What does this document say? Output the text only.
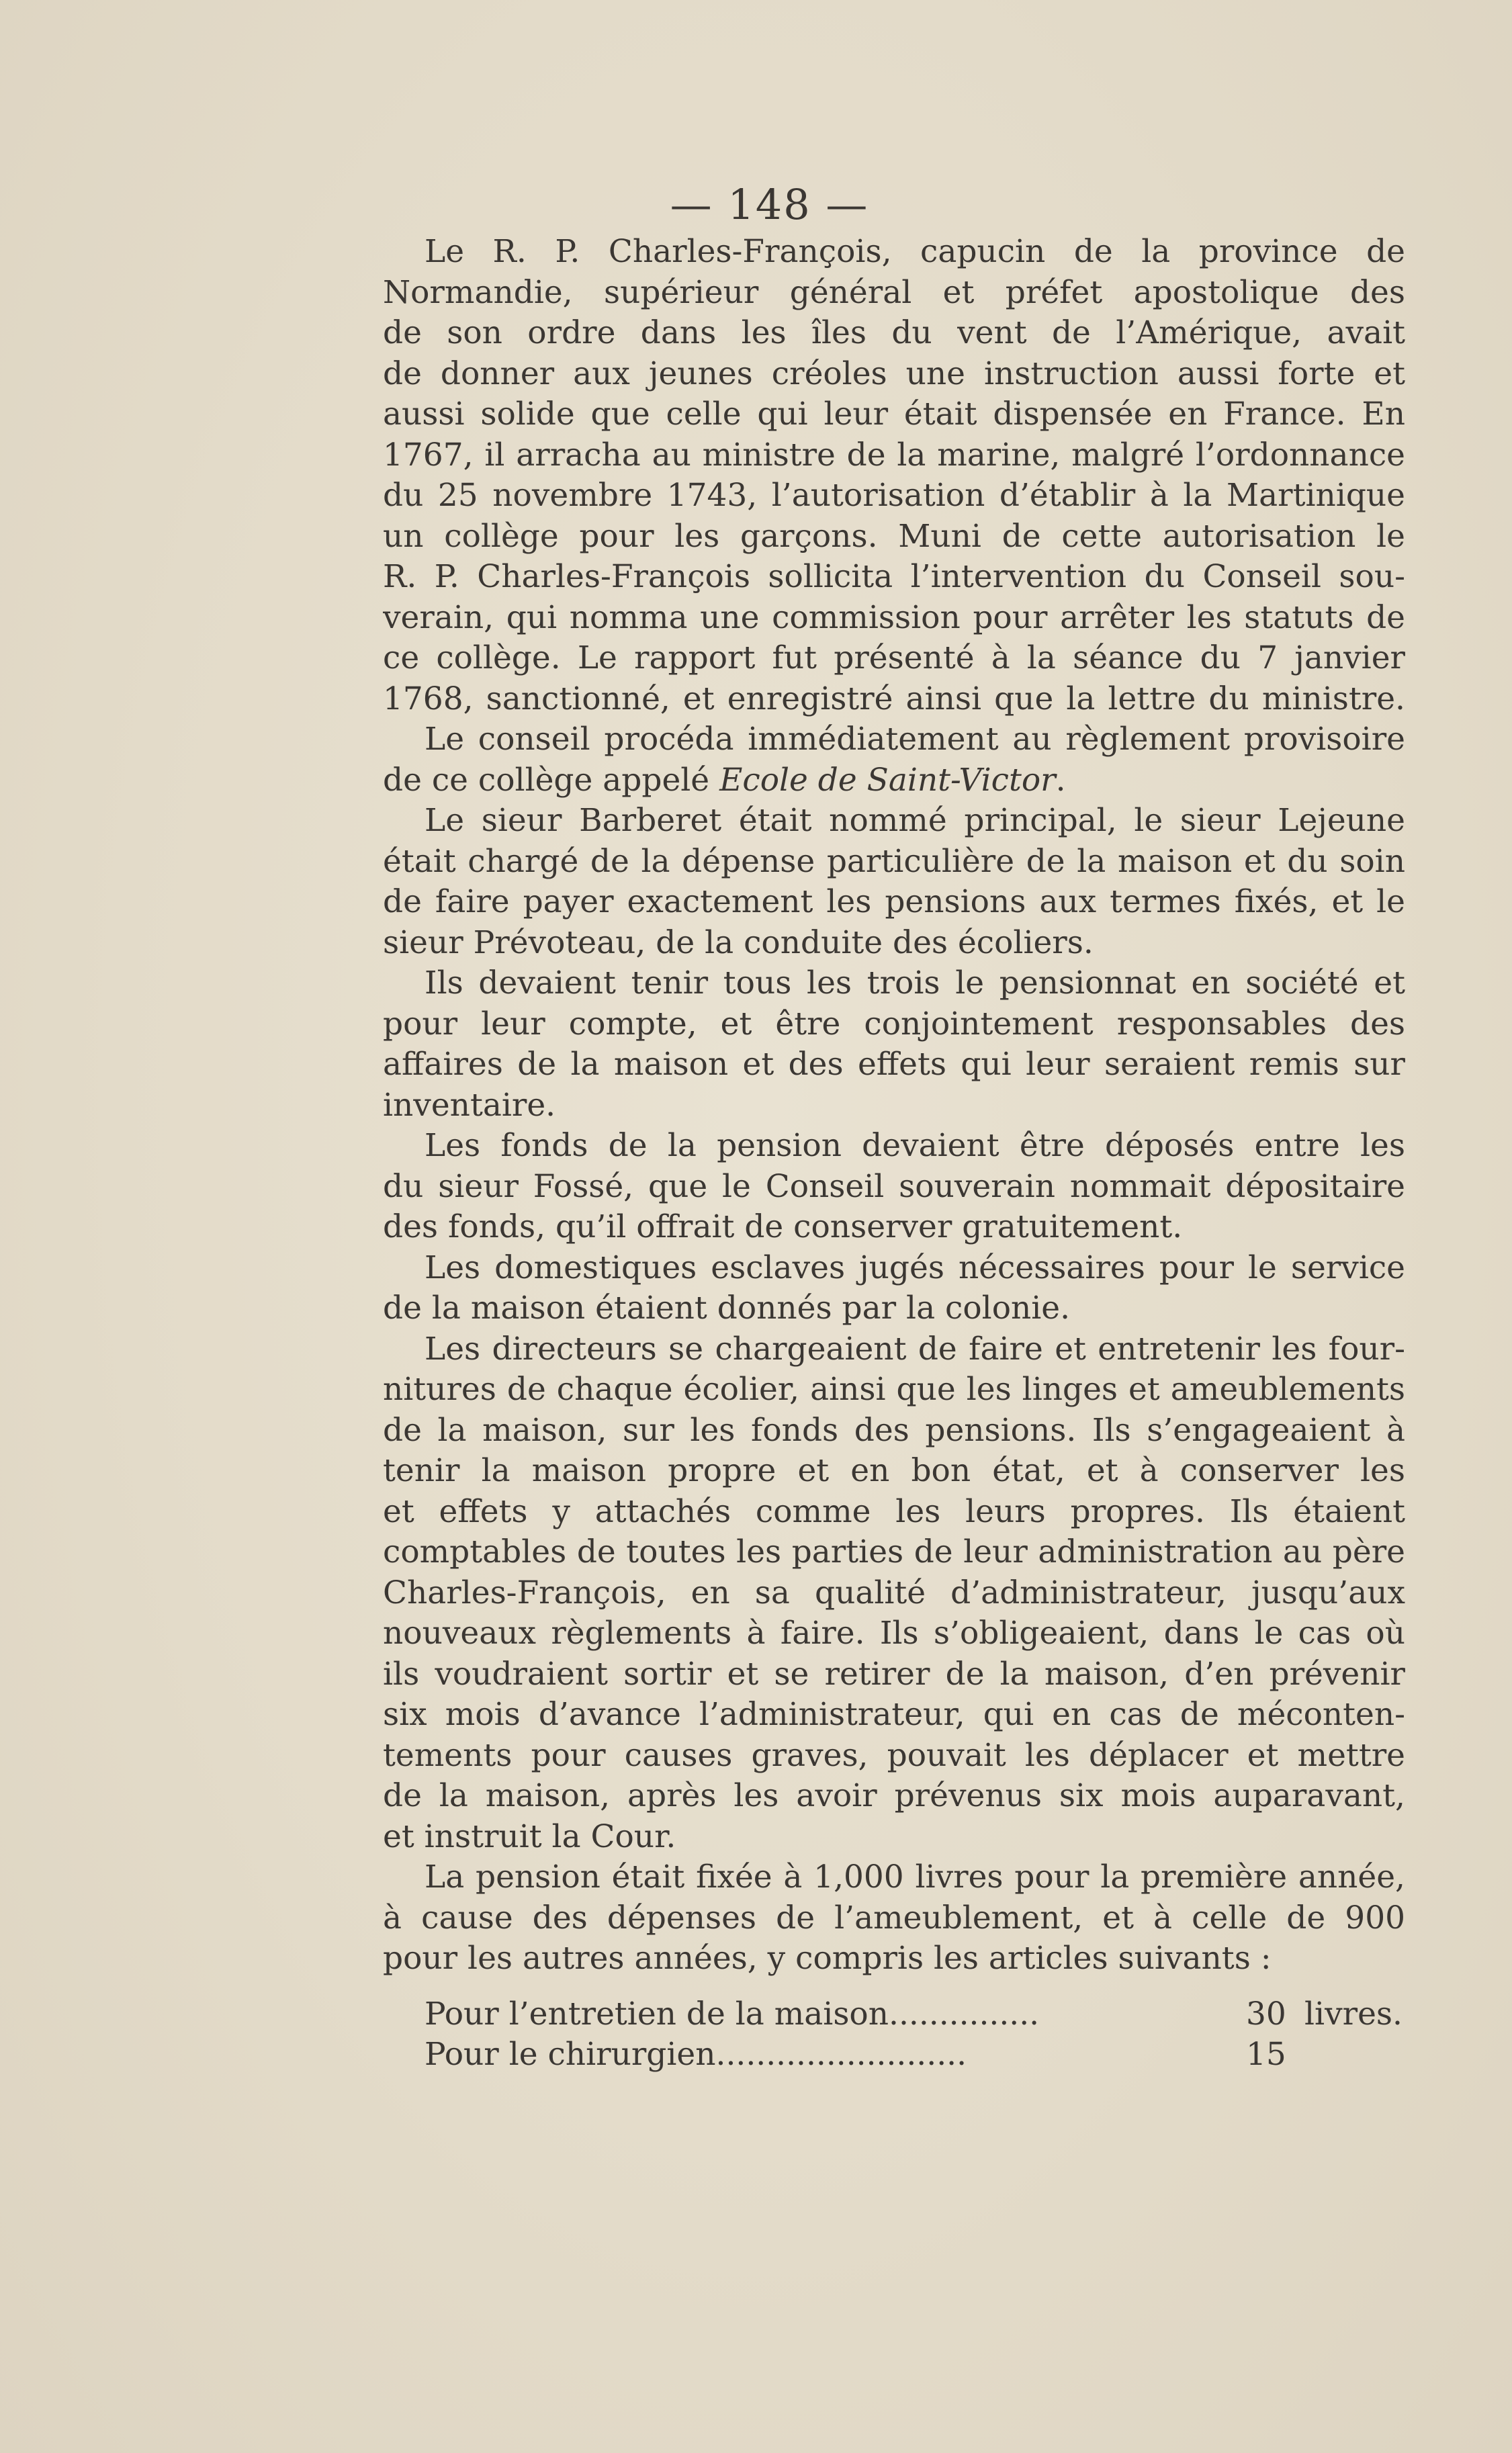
— 148 —
Le R. P. Charles-François, capucin de la province de
Normandie, supérieur général et préfet apostolique des
de son ordre dans les îles du vent de l’Amérique, avait
de donner aux jeunes créoles une instruction aussi forte et
aussi solide que celle qui leur était dispensée en France. En
1767, il arracha au ministre de la marine, malgré l’ordonnance
du 25 novembre 1743, l’autorisation d’établir à la Martinique
un collège pour les garçons. Muni de cette autorisation le
R. P. Charles-François sollicita l’intervention du Conseil sou-
verain, qui nomma une commission pour arrêter les statuts de
ce collège. Le rapport fut présenté à la séance du 7 janvier
1768, sanctionné, et enregistré ainsi que la lettre du ministre.
Le conseil procéda immédiatement au règlement provisoire
de ce collège appelé Ecole de Saint-Victor.
Le sieur Barberet était nommé principal, le sieur Lejeune
était chargé de la dépense particulière de la maison et du soin
de faire payer exactement les pensions aux termes fixés, et le
sieur Prévoteau, de la conduite des écoliers.
Ils devaient tenir tous les trois le pensionnat en société et
pour leur compte, et être conjointement responsables des
affaires de la maison et des effets qui leur seraient remis sur
inventaire.
Les fonds de la pension devaient être déposés entre les
du sieur Fossé, que le Conseil souverain nommait dépositaire
des fonds, qu’il offrait de conserver gratuitement.
Les domestiques esclaves jugés nécessaires pour le service
de la maison étaient donnés par la colonie.
Les directeurs se chargeaient de faire et entretenir les four-
nitures de chaque écolier, ainsi que les linges et ameublements
de la maison, sur les fonds des pensions. Ils s’engageaient à
tenir la maison propre et en bon état, et à conserver les
et effets y attachés comme les leurs propres. Ils étaient
comptables de toutes les parties de leur administration au père
Charles-François, en sa qualité d’administrateur, jusqu’aux
nouveaux règlements à faire. Ils s’obligeaient, dans le cas où
ils voudraient sortir et se retirer de la maison, d’en prévenir
six mois d’avance l’administrateur, qui en cas de méconten-
tements pour causes graves, pouvait les déplacer et mettre
de la maison, après les avoir prévenus six mois auparavant,
et instruit la Cour.
La pension était fixée à 1,000 livres pour la première année,
à cause des dépenses de l’ameublement, et à celle de 900
pour les autres années, y compris les articles suivants :
Pour l’entretien de la maison...............	30 livres.
Pour le chirurgien.........................	15
